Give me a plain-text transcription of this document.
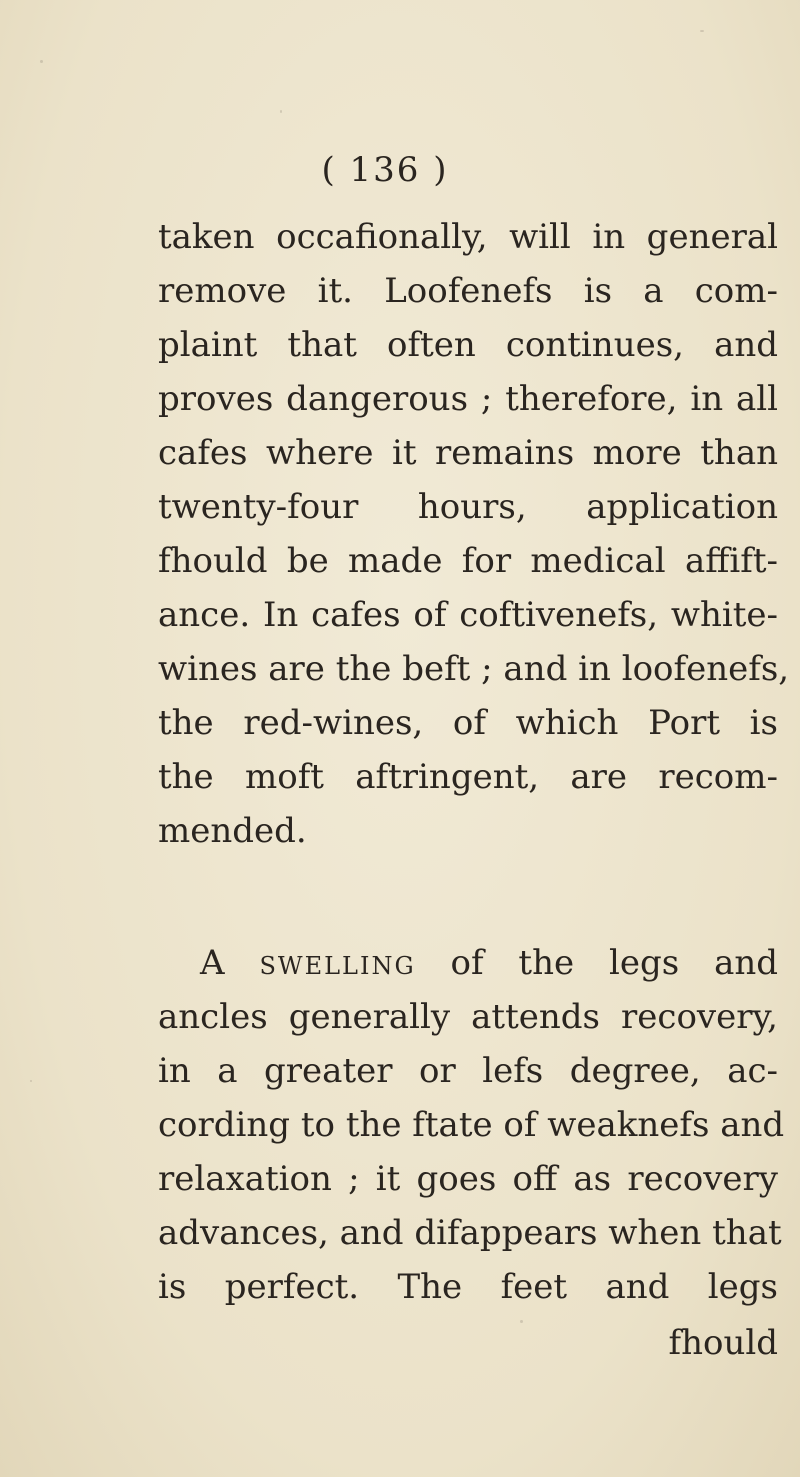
( 136 )
taken occafionally, will in general
remove it. Loofenefs is a com-
plaint that often continues, and
proves dangerous ; therefore, in all
cafes where it remains more than
twenty-four hours, application
fhould be made for medical affift-
ance. In cafes of coftivenefs, white-
wines are the beft ; and in loofenefs,
the red-wines, of which Port is
the moft aftringent, are recom-
mended.
A swelling of the legs and
ancles generally attends recovery,
in a greater or lefs degree, ac-
cording to the ftate of weaknefs and
relaxation ; it goes off as recovery
advances, and difappears when that
is perfect. The feet and legs
fhould
